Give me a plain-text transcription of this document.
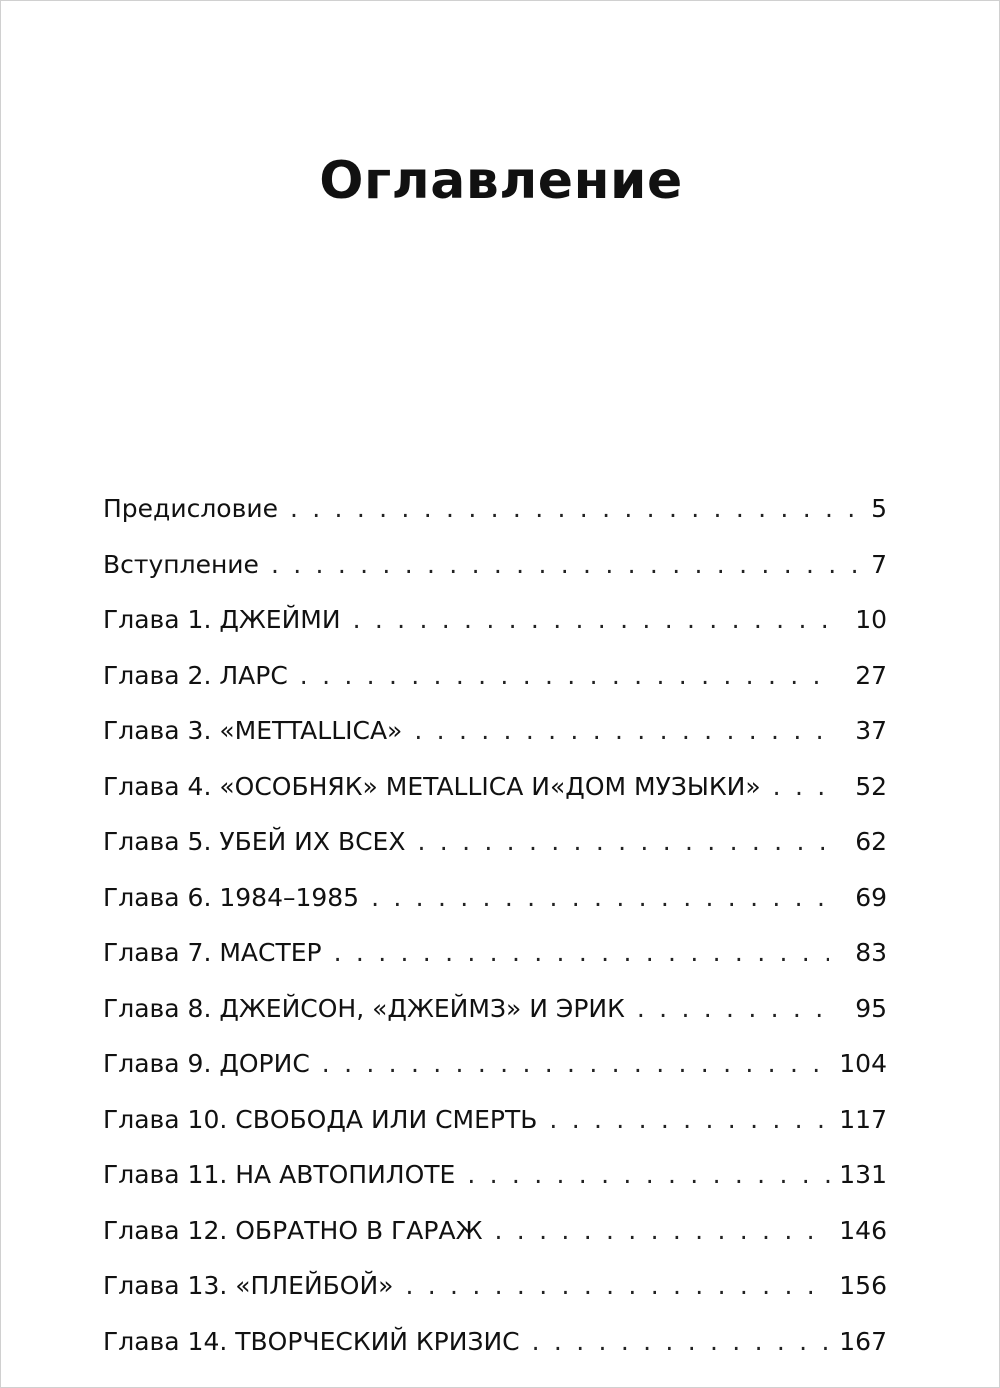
Оглавление
Предисловие . . .	5
Вступление . . .	7
Глава 1. ДЖЕЙМИ . . .	10
Глава 2. ЛАРС . . .	27
Глава 3. «METTALLICA» . . .	37
Глава 4. «ОСОБНЯК» METALLICA И«ДОМ МУЗЫКИ» . . .	52
Глава 5. УБЕЙ ИХ ВСЕХ . . .	62
Глава 6. 1984–1985 . . .	69
Глава 7. МАСТЕР . . .	83
Глава 8. ДЖЕЙСОН, «ДЖЕЙМЗ» И ЭРИК . . .	95
Глава 9. ДОРИС . . .	104
Глава 10. СВОБОДА ИЛИ СМЕРТЬ . . .	117
Глава 11. НА АВТОПИЛОТЕ . . .	131
Глава 12. ОБРАТНО В ГАРАЖ . . .	146
Глава 13. «ПЛЕЙБОЙ» . . .	156
Глава 14. ТВОРЧЕСКИЙ КРИЗИС . . .	167
